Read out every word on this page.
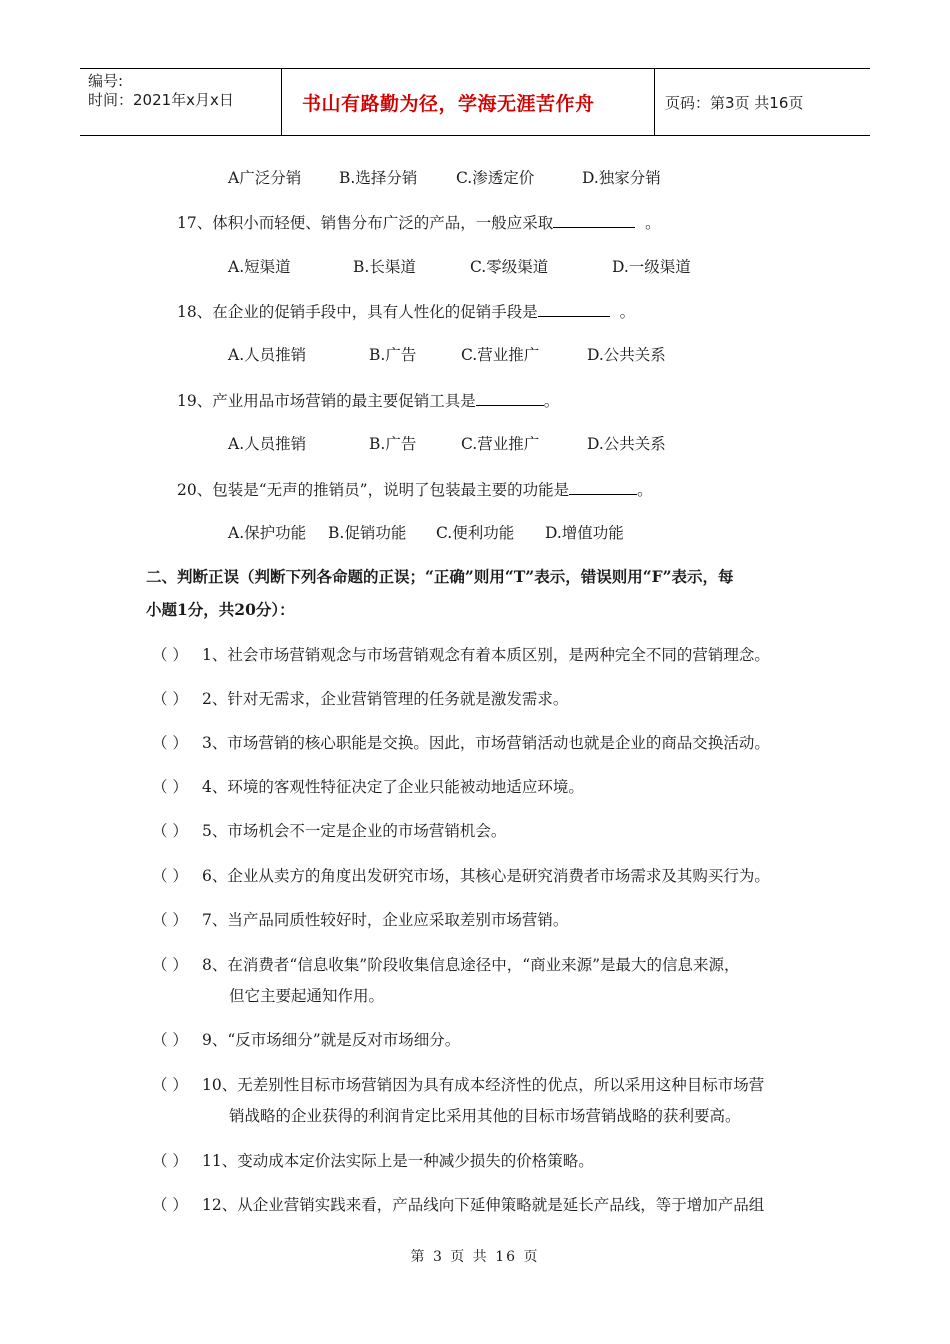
编号:
时间：2021年x月x日	书山有路勤为径，学海无涯苦作舟	页码：第3页 共16页
A广泛分销 B.选择分销 C.渗透定价	D.独家分销
17、体积小而轻便、销售分布广泛的产品，一般应采取	。
A.短渠道	B.长渠道	C.零级渠道	D.一级渠道
18、在企业的促销手段中，具有人性化的促销手段是	。
A.人员推销	B.广告	C.营业推广	D.公共关系
19、产业用品市场营销的最主要促销工具是	。
A.人员推销	B.广告	C.营业推广	D.公共关系
20、包装是“无声的推销员”，说明了包装最主要的功能是	。
A.保护功能 B.促销功能 C.便利功能 D.增值功能
二、判断正误（判断下列各命题的正误；“正确”则用“T”表示，错误则用“F”表示，每
小题1分，共20分）：
（ ） 1、社会市场营销观念与市场营销观念有着本质区别，是两种完全不同的营销理念。
（ ） 2、针对无需求，企业营销管理的任务就是激发需求。
（ ） 3、市场营销的核心职能是交换。因此，市场营销活动也就是企业的商品交换活动。
（ ） 4、环境的客观性特征决定了企业只能被动地适应环境。
（ ） 5、市场机会不一定是企业的市场营销机会。
（ ） 6、企业从卖方的角度出发研究市场，其核心是研究消费者市场需求及其购买行为。
（ ） 7、当产品同质性较好时，企业应采取差别市场营销。
（ ） 8、在消费者“信息收集”阶段收集信息途径中，“商业来源”是最大的信息来源，
但它主要起通知作用。
（ ） 9、“反市场细分”就是反对市场细分。
（ ） 10、无差别性目标市场营销因为具有成本经济性的优点，所以采用这种目标市场营
销战略的企业获得的利润肯定比采用其他的目标市场营销战略的获利要高。
（ ） 11、变动成本定价法实际上是一种减少损失的价格策略。
（ ） 12、从企业营销实践来看，产品线向下延伸策略就是延长产品线，等于增加产品组
第 3 页 共 16 页
